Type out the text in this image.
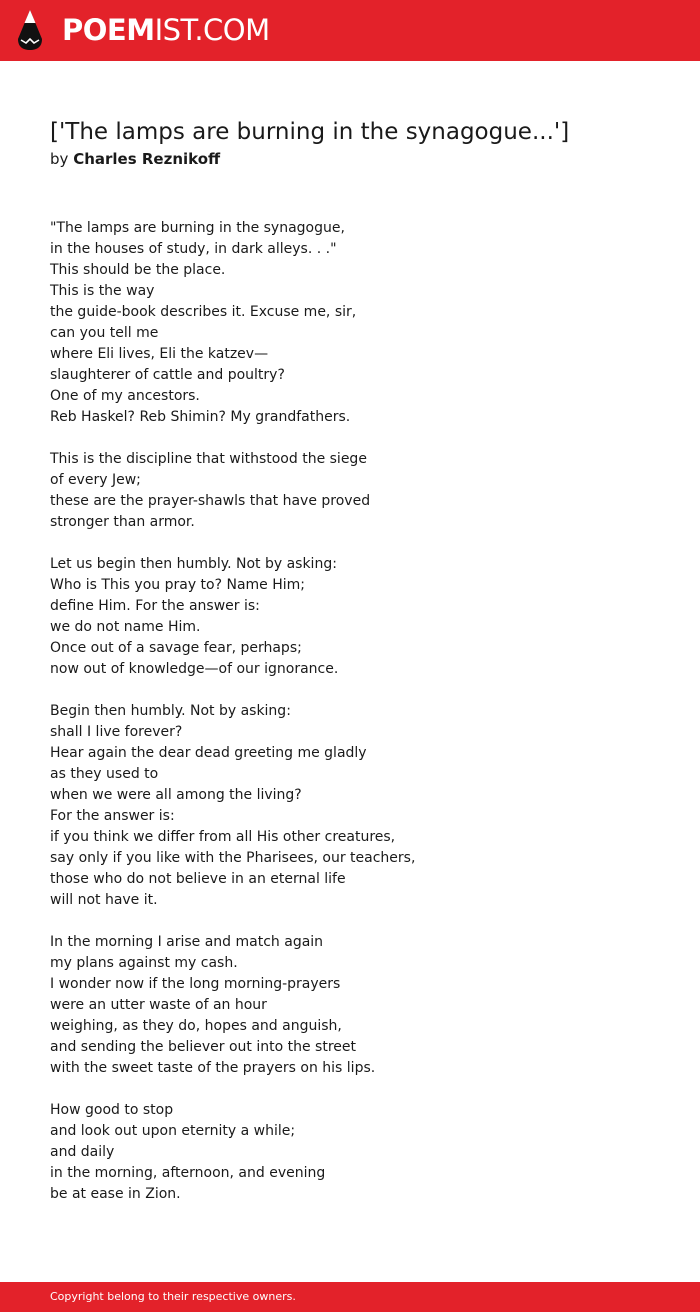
POEMIST.COM
['The lamps are burning in the synagogue...']
by Charles Reznikoff
"The lamps are burning in the synagogue,
in the houses of study, in dark alleys. . ."
This should be the place.
This is the way
the guide-book describes it. Excuse me, sir,
can you tell me
where Eli lives, Eli the katzev—
slaughterer of cattle and poultry?
One of my ancestors.
Reb Haskel? Reb Shimin? My grandfathers.
This is the discipline that withstood the siege
of every Jew;
these are the prayer-shawls that have proved
stronger than armor.
Let us begin then humbly. Not by asking:
Who is This you pray to? Name Him;
define Him. For the answer is:
we do not name Him.
Once out of a savage fear, perhaps;
now out of knowledge—of our ignorance.
Begin then humbly. Not by asking:
shall I live forever?
Hear again the dear dead greeting me gladly
as they used to
when we were all among the living?
For the answer is:
if you think we differ from all His other creatures,
say only if you like with the Pharisees, our teachers,
those who do not believe in an eternal life
will not have it.
In the morning I arise and match again
my plans against my cash.
I wonder now if the long morning-prayers
were an utter waste of an hour
weighing, as they do, hopes and anguish,
and sending the believer out into the street
with the sweet taste of the prayers on his lips.
How good to stop
and look out upon eternity a while;
and daily
in the morning, afternoon, and evening
be at ease in Zion.
Copyright belong to their respective owners.
